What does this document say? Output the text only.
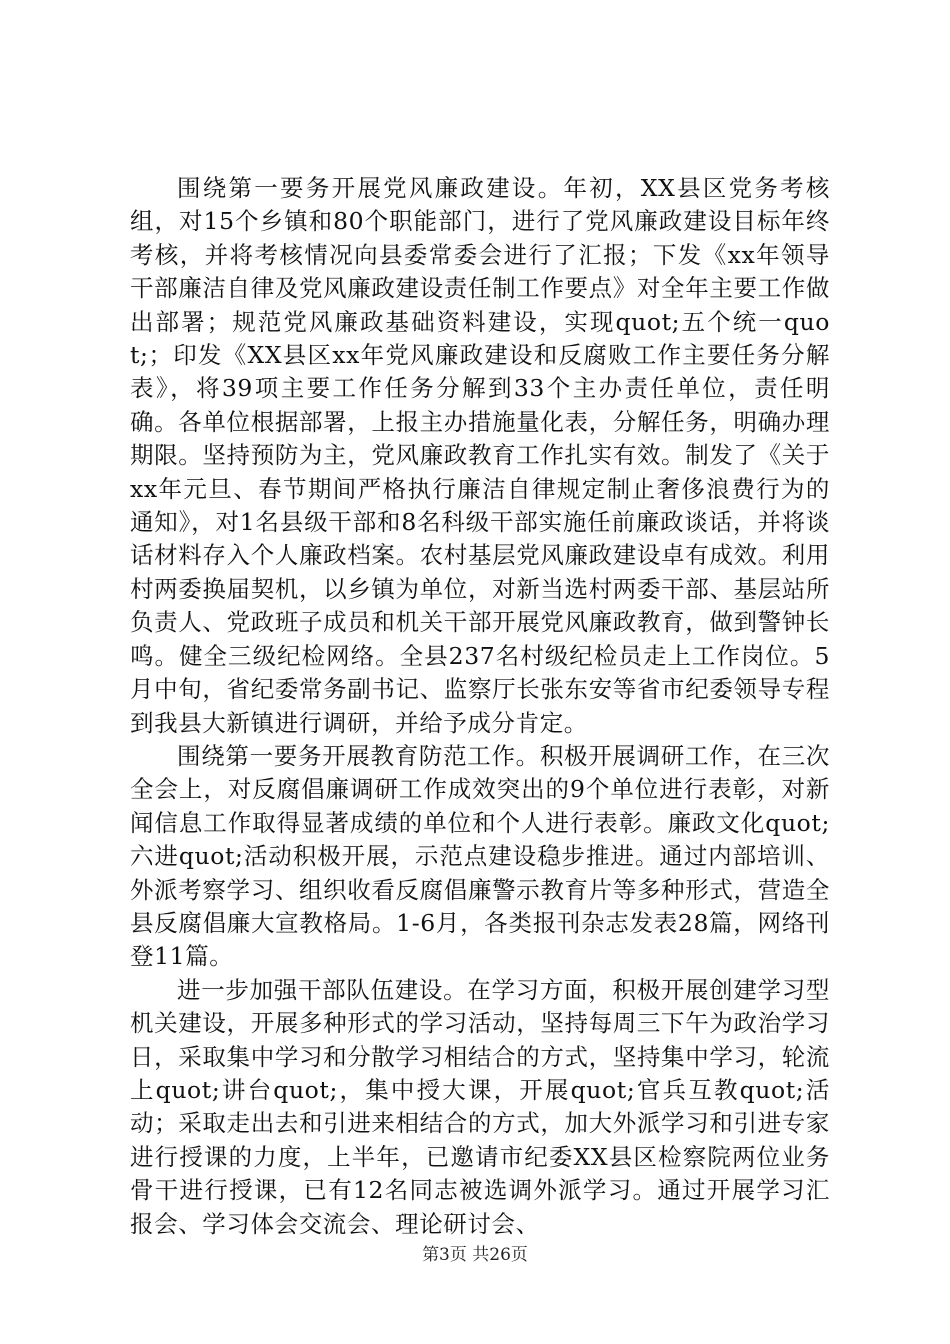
围绕第一要务开展党风廉政建设。年初，XX县区党务考核组，对15个乡镇和80个职能部门，进行了党风廉政建设目标年终考核，并将考核情况向县委常委会进行了汇报；下发《xx年领导干部廉洁自律及党风廉政建设责任制工作要点》对全年主要工作做出部署；规范党风廉政基础资料建设，实现quot;五个统一quot;；印发《XX县区xx年党风廉政建设和反腐败工作主要任务分解表》，将39项主要工作任务分解到33个主办责任单位，责任明确。各单位根据部署，上报主办措施量化表，分解任务，明确办理期限。坚持预防为主，党风廉政教育工作扎实有效。制发了《关于xx年元旦、春节期间严格执行廉洁自律规定制止奢侈浪费行为的通知》，对1名县级干部和8名科级干部实施任前廉政谈话，并将谈话材料存入个人廉政档案。农村基层党风廉政建设卓有成效。利用村两委换届契机，以乡镇为单位，对新当选村两委干部、基层站所负责人、党政班子成员和机关干部开展党风廉政教育，做到警钟长鸣。健全三级纪检网络。全县237名村级纪检员走上工作岗位。5月中旬，省纪委常务副书记、监察厅长张东安等省市纪委领导专程到我县大新镇进行调研，并给予成分肯定。

围绕第一要务开展教育防范工作。积极开展调研工作，在三次全会上，对反腐倡廉调研工作成效突出的9个单位进行表彰，对新闻信息工作取得显著成绩的单位和个人进行表彰。廉政文化quot;六进quot;活动积极开展，示范点建设稳步推进。通过内部培训、外派考察学习、组织收看反腐倡廉警示教育片等多种形式，营造全县反腐倡廉大宣教格局。1-6月，各类报刊杂志发表28篇，网络刊登11篇。

进一步加强干部队伍建设。在学习方面，积极开展创建学习型机关建设，开展多种形式的学习活动，坚持每周三下午为政治学习日，采取集中学习和分散学习相结合的方式，坚持集中学习，轮流上quot;讲台quot;，集中授大课，开展quot;官兵互教quot;活动；采取走出去和引进来相结合的方式，加大外派学习和引进专家进行授课的力度，上半年，已邀请市纪委XX县区检察院两位业务骨干进行授课，已有12名同志被选调外派学习。通过开展学习汇报会、学习体会交流会、理论研讨会、

第3页 共26页
